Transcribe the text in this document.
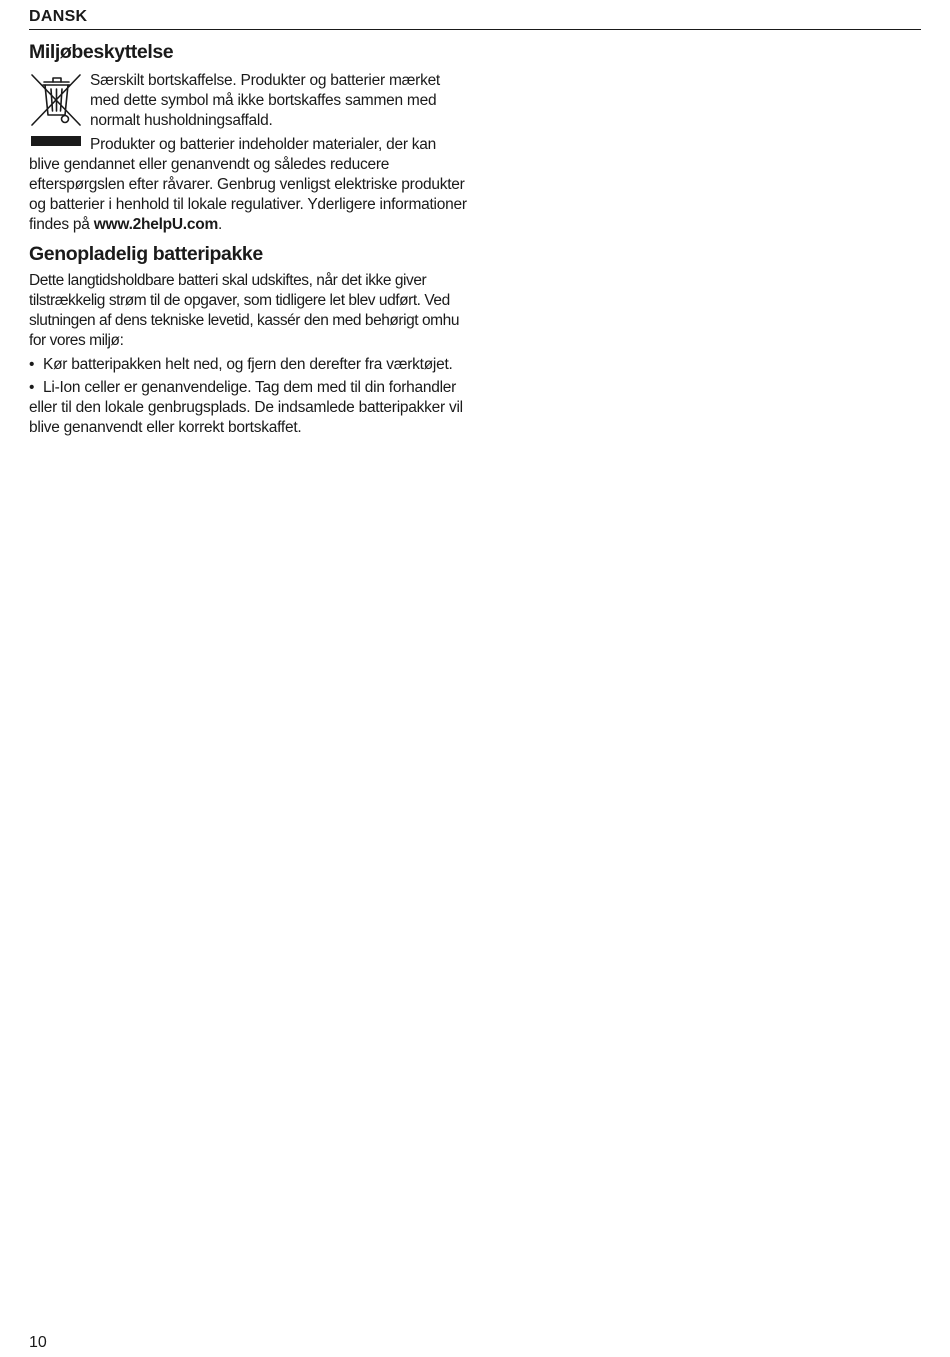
DANSK
Miljøbeskyttelse

Særskilt bortskaffelse. Produkter og batterier mærket med dette symbol må ikke bortskaffes sammen med normalt husholdningsaffald.

Produkter og batterier indeholder materialer, der kan blive gendannet eller genanvendt og således reducere efterspørgslen efter råvarer. Genbrug venligst elektriske produkter og batterier i henhold til lokale regulativer. Yderligere informationer findes på www.2helpU.com.

Genopladelig batteripakke

Dette langtidsholdbare batteri skal udskiftes, når det ikke giver tilstrækkelig strøm til de opgaver, som tidligere let blev udført. Ved slutningen af dens tekniske levetid, kassér den med behørigt omhu for vores miljø:

• Kør batteripakken helt ned, og fjern den derefter fra værktøjet.
• Li-Ion celler er genanvendelige. Tag dem med til din forhandler eller til den lokale genbrugsplads. De indsamlede batteripakker vil blive genanvendt eller korrekt bortskaffet.
10
